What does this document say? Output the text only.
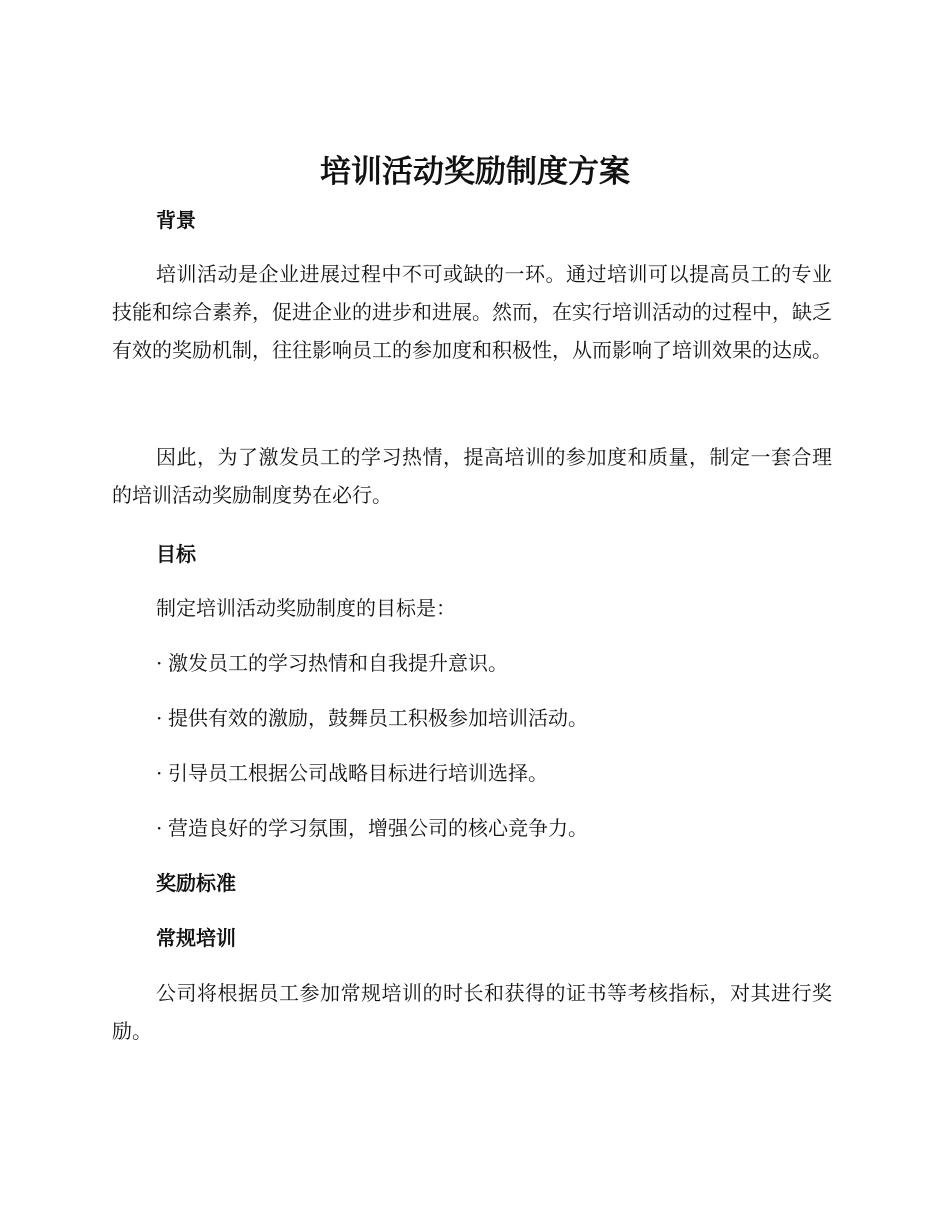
培训活动奖励制度方案
背景
培训活动是企业进展过程中不可或缺的一环。通过培训可以提高员工的专业技能和综合素养，促进企业的进步和进展。然而，在实行培训活动的过程中，缺乏有效的奖励机制，往往影响员工的参加度和积极性，从而影响了培训效果的达成。
因此，为了激发员工的学习热情，提高培训的参加度和质量，制定一套合理的培训活动奖励制度势在必行。
目标
制定培训活动奖励制度的目标是：
· 激发员工的学习热情和自我提升意识。
· 提供有效的激励，鼓舞员工积极参加培训活动。
· 引导员工根据公司战略目标进行培训选择。
· 营造良好的学习氛围，增强公司的核心竞争力。
奖励标准
常规培训
公司将根据员工参加常规培训的时长和获得的证书等考核指标，对其进行奖励。
